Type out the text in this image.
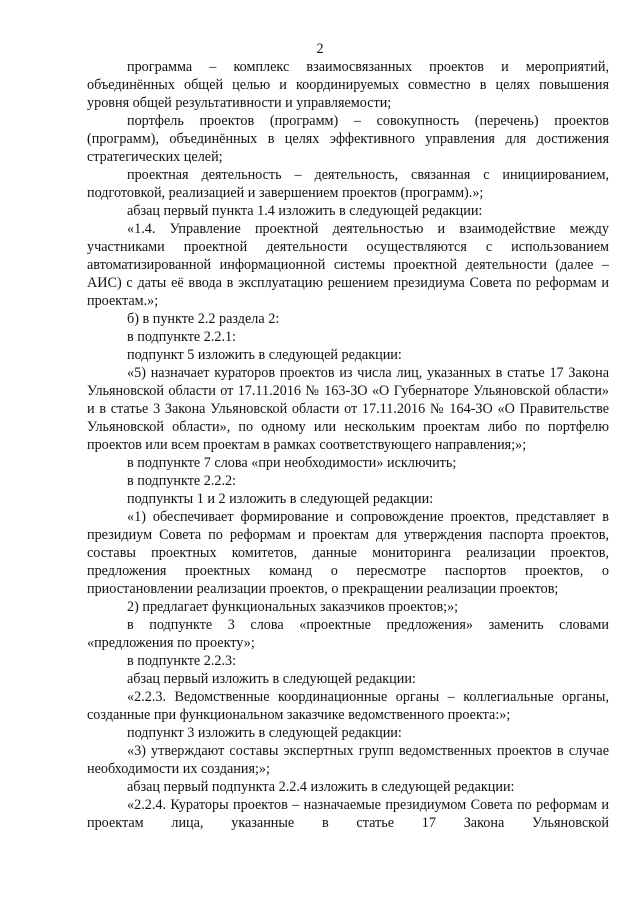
2

программа – комплекс взаимосвязанных проектов и мероприятий, объединённых общей целью и координируемых совместно в целях повышения уровня общей результативности и управляемости;

портфель проектов (программ) – совокупность (перечень) проектов (программ), объединённых в целях эффективного управления для достижения стратегических целей;

проектная деятельность – деятельность, связанная с инициированием, подготовкой, реализацией и завершением проектов (программ).»;

абзац первый пункта 1.4 изложить в следующей редакции:

«1.4. Управление проектной деятельностью и взаимодействие между участниками проектной деятельности осуществляются с использованием автоматизированной информационной системы проектной деятельности (далее – АИС) с даты её ввода в эксплуатацию решением президиума Совета по реформам и проектам.»;

б) в пункте 2.2 раздела 2:

в подпункте 2.2.1:

подпункт 5 изложить в следующей редакции:

«5) назначает кураторов проектов из числа лиц, указанных в статье 17 Закона Ульяновской области от 17.11.2016 № 163-ЗО «О Губернаторе Ульяновской области» и в статье 3 Закона Ульяновской области от 17.11.2016 № 164-ЗО «О Правительстве Ульяновской области», по одному или нескольким проектам либо по портфелю проектов или всем проектам в рамках соответствующего направления;»;

в подпункте 7 слова «при необходимости» исключить;

в подпункте 2.2.2:

подпункты 1 и 2 изложить в следующей редакции:

«1) обеспечивает формирование и сопровождение проектов, представляет в президиум Совета по реформам и проектам для утверждения паспорта проектов, составы проектных комитетов, данные мониторинга реализации проектов, предложения проектных команд о пересмотре паспортов проектов, о приостановлении реализации проектов, о прекращении реализации проектов;

2) предлагает функциональных заказчиков проектов;»;

в подпункте 3 слова «проектные предложения» заменить словами «предложения по проекту»;

в подпункте 2.2.3:

абзац первый изложить в следующей редакции:

«2.2.3. Ведомственные координационные органы – коллегиальные органы, созданные при функциональном заказчике ведомственного проекта:»;

подпункт 3 изложить в следующей редакции:

«3) утверждают составы экспертных групп ведомственных проектов в случае необходимости их создания;»;

абзац первый подпункта 2.2.4 изложить в следующей редакции:

«2.2.4. Кураторы проектов – назначаемые президиумом Совета по реформам и проектам лица, указанные в статье 17 Закона Ульяновской
